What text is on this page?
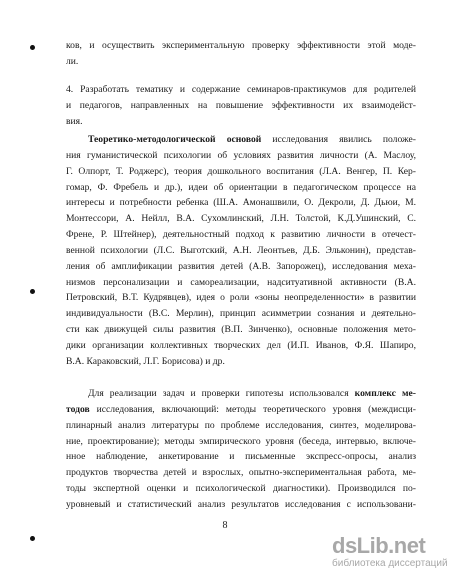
ков, и осуществить экспериментальную проверку эффективности этой моде-
ли.
4. Разработать тематику и содержание семинаров-практикумов для родителей
и педагогов, направленных на повышение эффективности их взаимодейст-
вия.
Теоретико-методологической основой исследования явились положе-
ния гуманистической психологии об условиях развития личности (А. Маслоу,
Г. Олпорт, Т. Роджерс), теория дошкольного воспитания (Л.А. Венгер, П. Кер-
гомар, Ф. Фребель и др.), идеи об ориентации в педагогическом процессе на
интересы и потребности ребенка (Ш.А. Амонашвили, О. Декроли, Д. Дьюи, М.
Монтессори, А. Нейлл, В.А. Сухомлинский, Л.Н. Толстой, К.Д.Ушинский, С.
Френе, Р. Штейнер), деятельностный подход к развитию личности в отечест-
венной психологии (Л.С. Выготский, А.Н. Леонтьев, Д.Б. Эльконин), представ-
ления об амплификации развития детей (А.В. Запорожец), исследования меха-
низмов персонализации и самореализации, надситуативной активности (В.А.
Петровский, В.Т. Кудрявцев), идея о роли «зоны неопределенности» в развитии
индивидуальности (В.С. Мерлин), принцип асимметрии сознания и деятельно-
сти как движущей силы развития (В.П. Зинченко), основные положения мето-
дики организации коллективных творческих дел (И.П. Иванов, Ф.Я. Шапиро,
В.А. Караковский, Л.Г. Борисова) и др.
Для реализации задач и проверки гипотезы использовался комплекс ме-
тодов исследования, включающий: методы теоретического уровня (междисци-
плинарный анализ литературы по проблеме исследования, синтез, моделирова-
ние, проектирование); методы эмпирического уровня (беседа, интервью, включе-
нное наблюдение, анкетирование и письменные экспресс-опросы, анализ
продуктов творчества детей и взрослых, опытно-экспериментальная работа, ме-
тоды экспертной оценки и психологической диагностики). Производился по-
уровневый и статистический анализ результатов исследования с использовани-
8
dsLib.net
библиотека диссертаций
